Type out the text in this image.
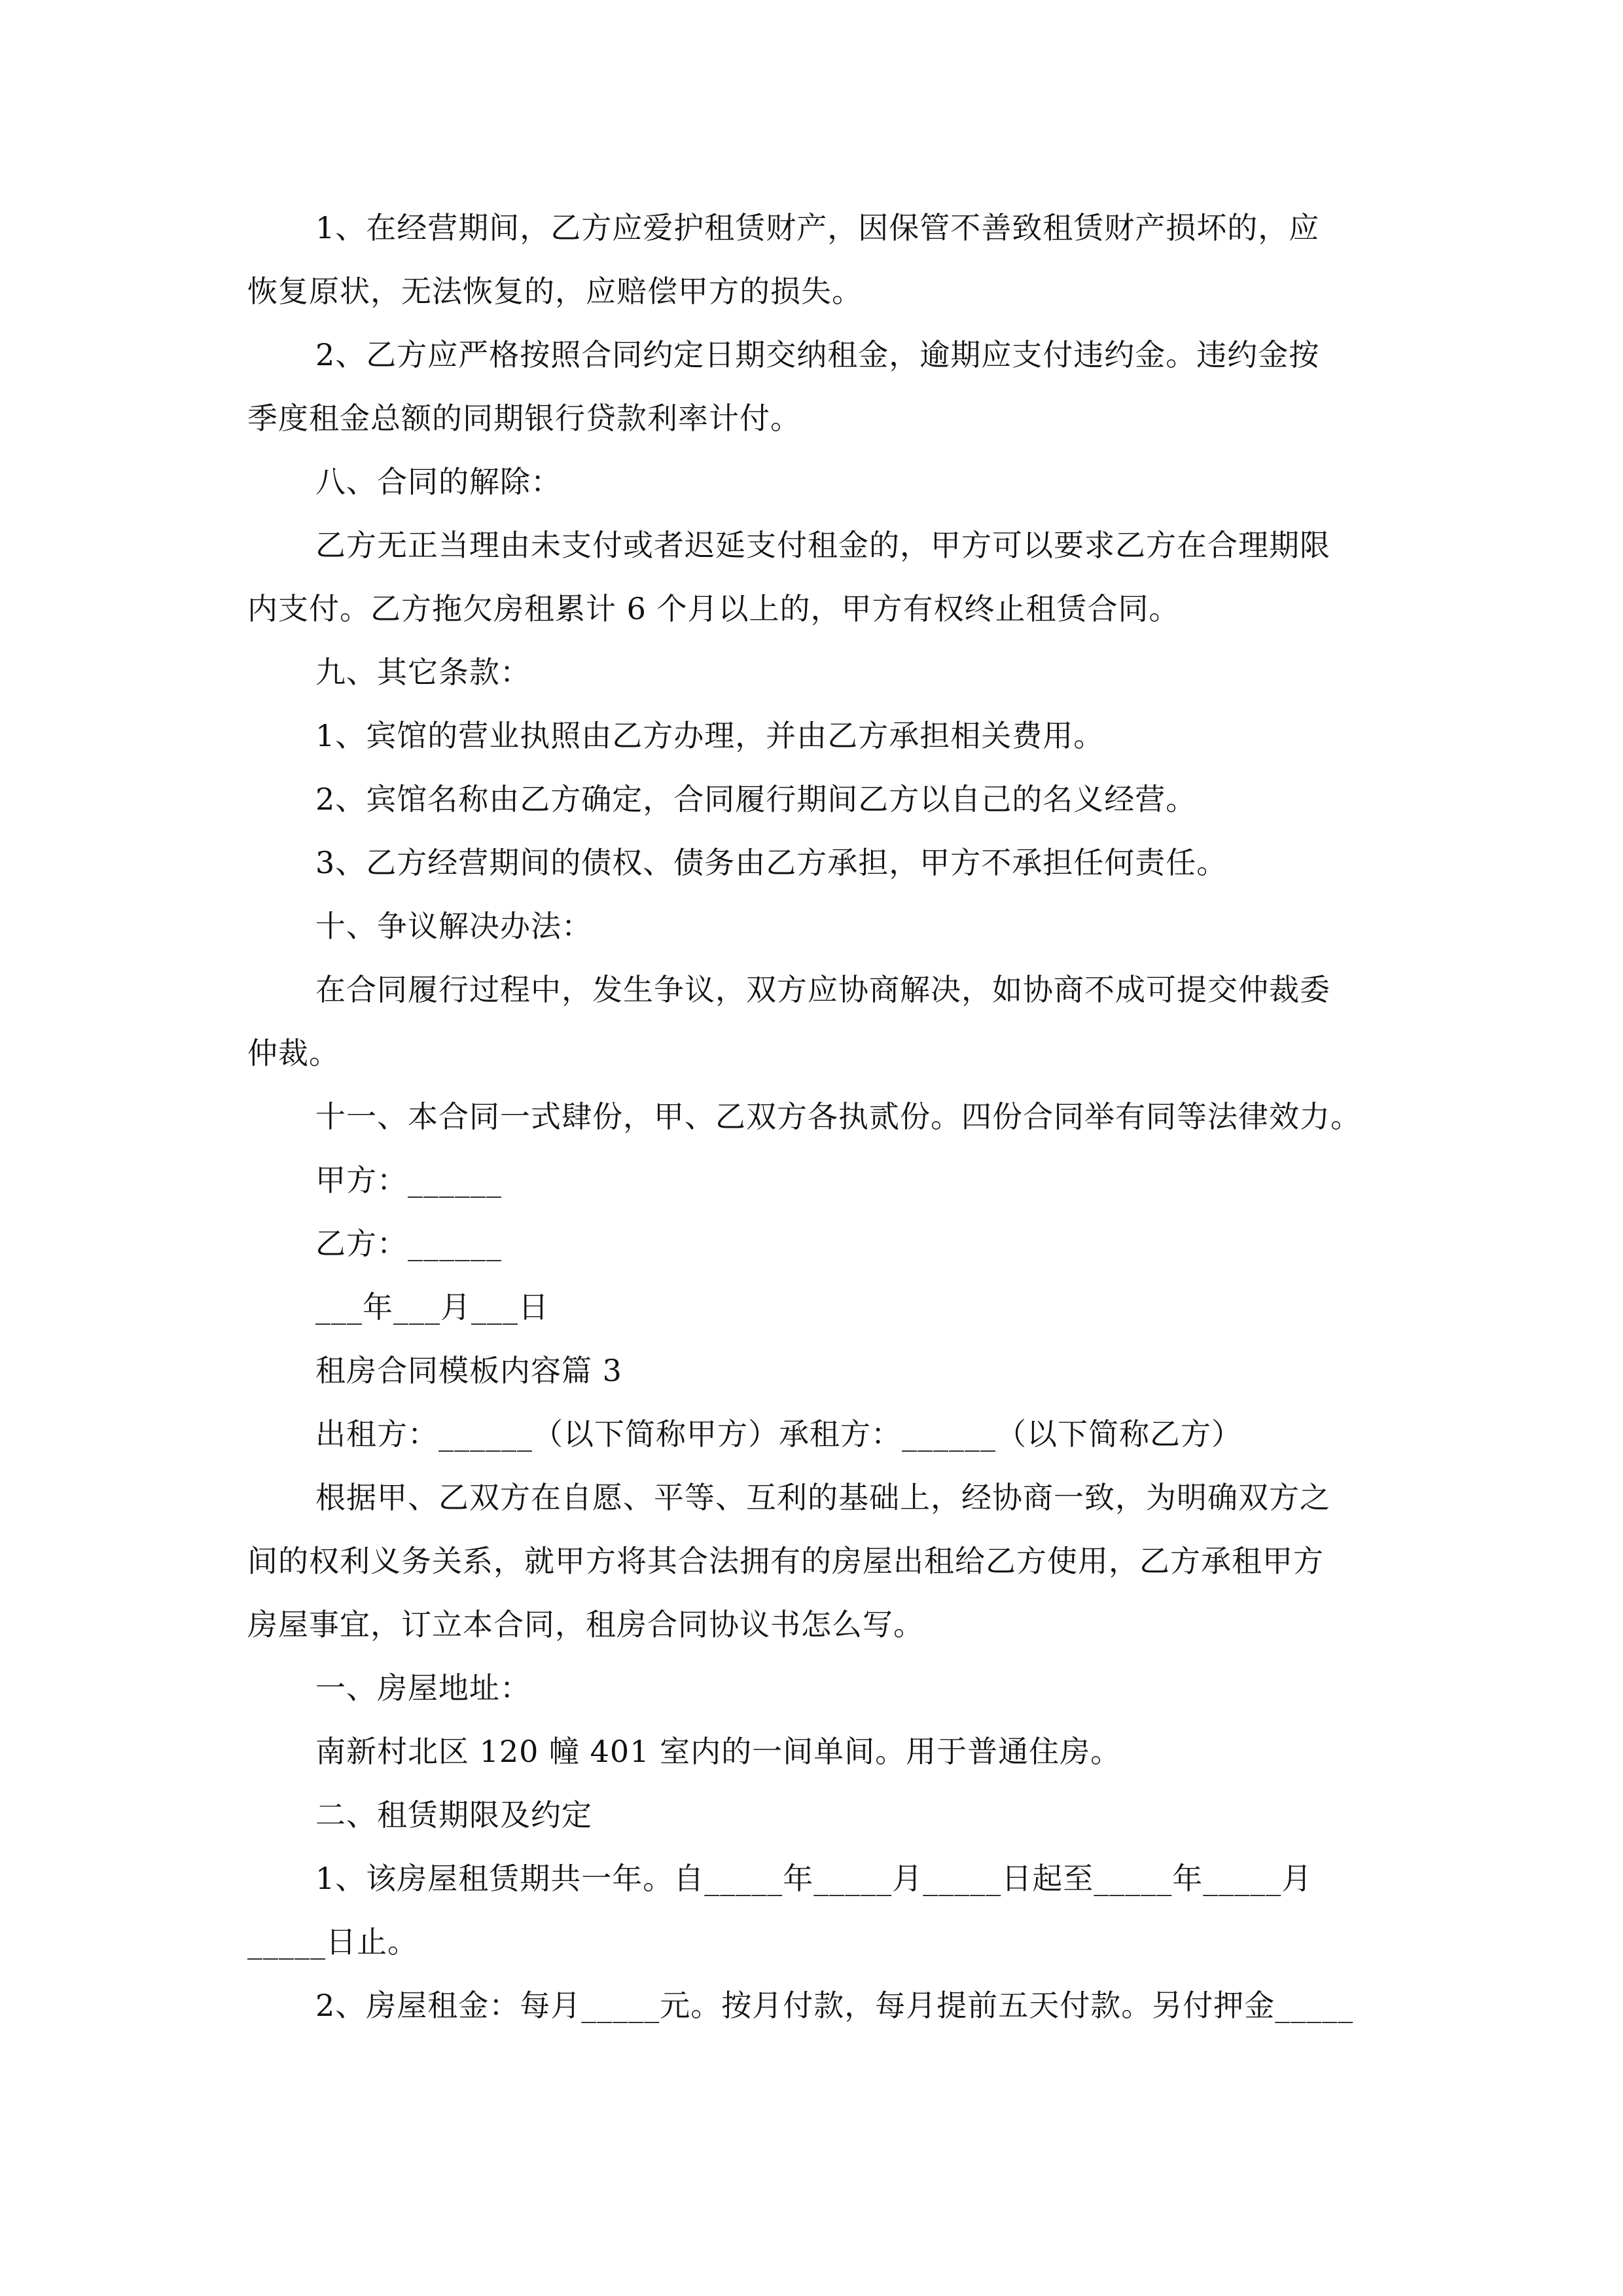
1、在经营期间，乙方应爱护租赁财产，因保管不善致租赁财产损坏的，应
恢复原状，无法恢复的，应赔偿甲方的损失。
2、乙方应严格按照合同约定日期交纳租金，逾期应支付违约金。违约金按
季度租金总额的同期银行贷款利率计付。
八、合同的解除：
乙方无正当理由未支付或者迟延支付租金的，甲方可以要求乙方在合理期限
内支付。乙方拖欠房租累计 6 个月以上的，甲方有权终止租赁合同。
九、其它条款：
1、宾馆的营业执照由乙方办理，并由乙方承担相关费用。
2、宾馆名称由乙方确定，合同履行期间乙方以自己的名义经营。
3、乙方经营期间的债权、债务由乙方承担，甲方不承担任何责任。
十、争议解决办法：
在合同履行过程中，发生争议，双方应协商解决，如协商不成可提交仲裁委
仲裁。
十一、本合同一式肆份，甲、乙双方各执贰份。四份合同举有同等法律效力。
甲方：______
乙方：______
___年___月___日
租房合同模板内容篇 3
出租方：______（以下简称甲方）承租方：______（以下简称乙方）
根据甲、乙双方在自愿、平等、互利的基础上，经协商一致，为明确双方之
间的权利义务关系，就甲方将其合法拥有的房屋出租给乙方使用，乙方承租甲方
房屋事宜，订立本合同，租房合同协议书怎么写。
一、房屋地址：
南新村北区 120 幢 401 室内的一间单间。用于普通住房。
二、租赁期限及约定
1、该房屋租赁期共一年。自_____年_____月_____日起至_____年_____月
_____日止。
2、房屋租金：每月_____元。按月付款，每月提前五天付款。另付押金_____
